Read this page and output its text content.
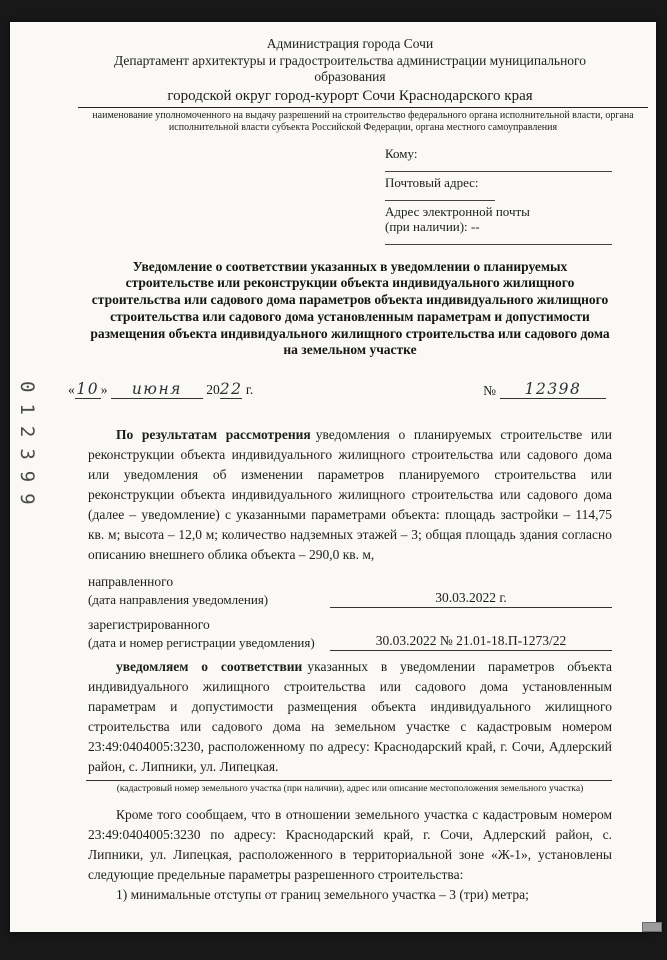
Администрация города Сочи
Департамент архитектуры и градостроительства администрации муниципального образования
городской округ город-курорт Сочи Краснодарского края
наименование уполномоченного на выдачу разрешений на строительство федерального органа исполнительной власти, органа исполнительной власти субъекта Российской Федерации, органа местного самоуправления
Кому:
Почтовый адрес:
Адрес электронной почты
(при наличии): --
Уведомление о соответствии указанных в уведомлении о планируемых строительстве или реконструкции объекта индивидуального жилищного строительства или садового дома параметров объекта индивидуального жилищного строительства или садового дома установленным параметрам и допустимости размещения объекта индивидуального жилищного строительства или садового дома на земельном участке
« 10 » июня 2022 г.	№	12398

По результатам рассмотрения уведомления о планируемых строительстве или реконструкции объекта индивидуального жилищного строительства или садового дома или уведомления об изменении параметров планируемого строительства или реконструкции объекта индивидуального жилищного строительства или садового дома (далее – уведомление) с указанными параметрами объекта: площадь застройки – 114,75 кв. м; высота – 12,0 м; количество надземных этажей – 3; общая площадь здания согласно описанию внешнего облика объекта – 290,0 кв. м,

направленного
(дата направления уведомления)	30.03.2022 г.
зарегистрированного
(дата и номер регистрации уведомления)	30.03.2022 № 21.01-18.П-1273/22

уведомляем о соответствии указанных в уведомлении параметров объекта индивидуального жилищного строительства или садового дома установленным параметрам и допустимости размещения объекта индивидуального жилищного строительства или садового дома на земельном участке с кадастровым номером 23:49:0404005:3230, расположенному по адресу: Краснодарский край, г. Сочи, Адлерский район, с. Липники, ул. Липецкая.

(кадастровый номер земельного участка (при наличии), адрес или описание местоположения земельного участка)

Кроме того сообщаем, что в отношении земельного участка с кадастровым номером 23:49:0404005:3230 по адресу: Краснодарский край, г. Сочи, Адлерский район, с. Липники, ул. Липецкая, расположенного в территориальной зоне «Ж-1», установлены следующие предельные параметры разрешенного строительства:

1) минимальные отступы от границ земельного участка – 3 (три) метра;

012399
